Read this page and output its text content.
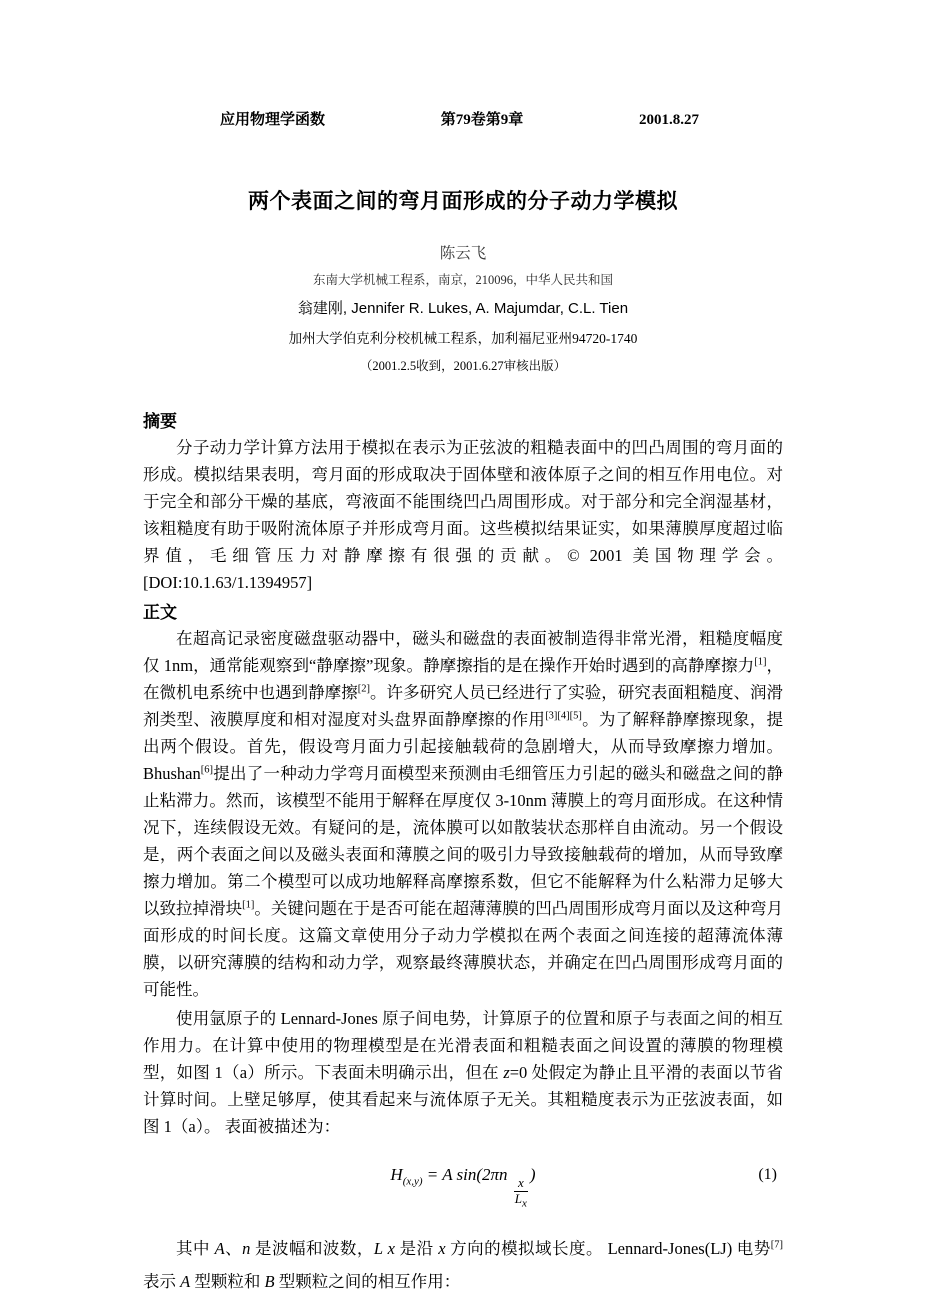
应用物理学函数	第79卷第9章	2001.8.27
两个表面之间的弯月面形成的分子动力学模拟
陈云飞
东南大学机械工程系，南京，210096，中华人民共和国
翁建刚, Jennifer R. Lukes, A. Majumdar, C.L. Tien
加州大学伯克利分校机械工程系，加利福尼亚州94720-1740
（2001.2.5收到，2001.6.27审核出版）
摘要

分子动力学计算方法用于模拟在表示为正弦波的粗糙表面中的凹凸周围的弯月面的形成。模拟结果表明，弯月面的形成取决于固体壁和液体原子之间的相互作用电位。对于完全和部分干燥的基底，弯液面不能围绕凹凸周围形成。对于部分和完全润湿基材，该粗糙度有助于吸附流体原子并形成弯月面。这些模拟结果证实，如果薄膜厚度超过临界值，毛细管压力对静摩擦有很强的贡献。© 2001 美国物理学会。[DOI:10.1.63/1.1394957]

正文

在超高记录密度磁盘驱动器中，磁头和磁盘的表面被制造得非常光滑，粗糙度幅度仅 1nm，通常能观察到“静摩擦”现象。静摩擦指的是在操作开始时遇到的高静摩擦力[1]，在微机电系统中也遇到静摩擦[2]。许多研究人员已经进行了实验，研究表面粗糙度、润滑剂类型、液膜厚度和相对湿度对头盘界面静摩擦的作用[3][4][5]。为了解释静摩擦现象，提出两个假设。首先，假设弯月面力引起接触载荷的急剧增大，从而导致摩擦力增加。Bhushan[6]提出了一种动力学弯月面模型来预测由毛细管压力引起的磁头和磁盘之间的静止粘滞力。然而，该模型不能用于解释在厚度仅 3-10nm 薄膜上的弯月面形成。在这种情况下，连续假设无效。有疑问的是，流体膜可以如散装状态那样自由流动。另一个假设是，两个表面之间以及磁头表面和薄膜之间的吸引力导致接触载荷的增加，从而导致摩擦力增加。第二个模型可以成功地解释高摩擦系数，但它不能解释为什么粘滞力足够大以致拉掉滑块[1]。关键问题在于是否可能在超薄薄膜的凹凸周围形成弯月面以及这种弯月面形成的时间长度。这篇文章使用分子动力学模拟在两个表面之间连接的超薄流体薄膜，以研究薄膜的结构和动力学，观察最终薄膜状态，并确定在凹凸周围形成弯月面的可能性。

使用氩原子的 Lennard-Jones 原子间电势，计算原子的位置和原子与表面之间的相互作用力。在计算中使用的物理模型是在光滑表面和粗糙表面之间设置的薄膜的物理模型，如图 1（a）所示。下表面未明确示出，但在 z=0 处假定为静止且平滑的表面以节省计算时间。上壁足够厚，使其看起来与流体原子无关。其粗糙度表示为正弦波表面，如图 1（a）。 表面被描述为：

$H_{(x,y)} = A$ sin(2πn
$\frac{x}{L_x}$
)	(1)

其中 A、n 是波幅和波数，L x 是沿 x 方向的模拟域长度。 Lennard-Jones(LJ) 电势[7]表示 A 型颗粒和 B 型颗粒之间的相互作用：
